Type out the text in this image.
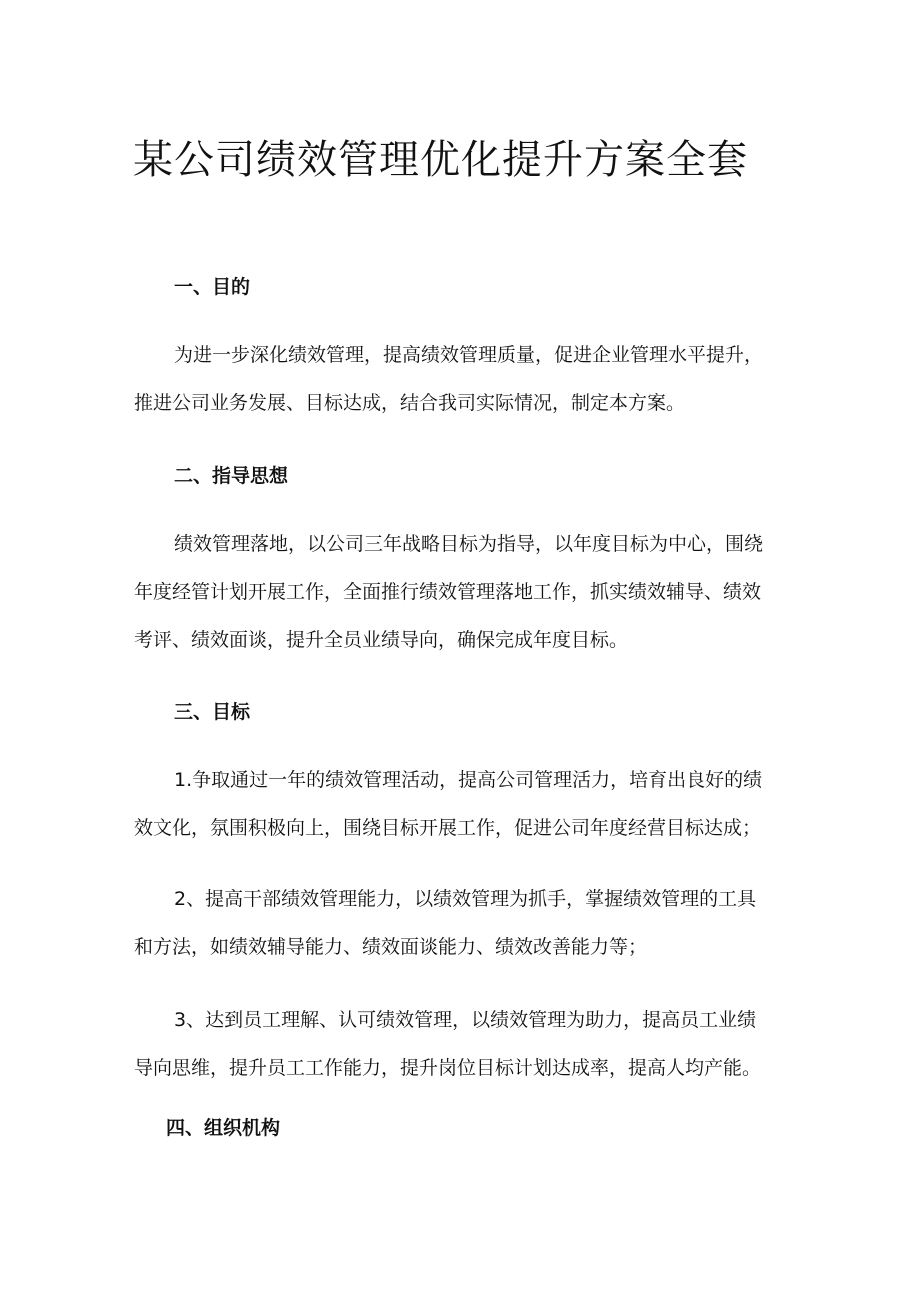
某公司绩效管理优化提升方案全套
一、目的
为进一步深化绩效管理，提高绩效管理质量，促进企业管理水平提升，
推进公司业务发展、目标达成，结合我司实际情况，制定本方案。
二、指导思想
绩效管理落地，以公司三年战略目标为指导，以年度目标为中心，围绕
年度经管计划开展工作，全面推行绩效管理落地工作，抓实绩效辅导、绩效
考评、绩效面谈，提升全员业绩导向，确保完成年度目标。
三、目标
1.争取通过一年的绩效管理活动，提高公司管理活力，培育出良好的绩
效文化，氛围积极向上，围绕目标开展工作，促进公司年度经营目标达成；
2、提高干部绩效管理能力，以绩效管理为抓手，掌握绩效管理的工具
和方法，如绩效辅导能力、绩效面谈能力、绩效改善能力等；
3、达到员工理解、认可绩效管理，以绩效管理为助力，提高员工业绩
导向思维，提升员工工作能力，提升岗位目标计划达成率，提高人均产能。
四、组织机构
